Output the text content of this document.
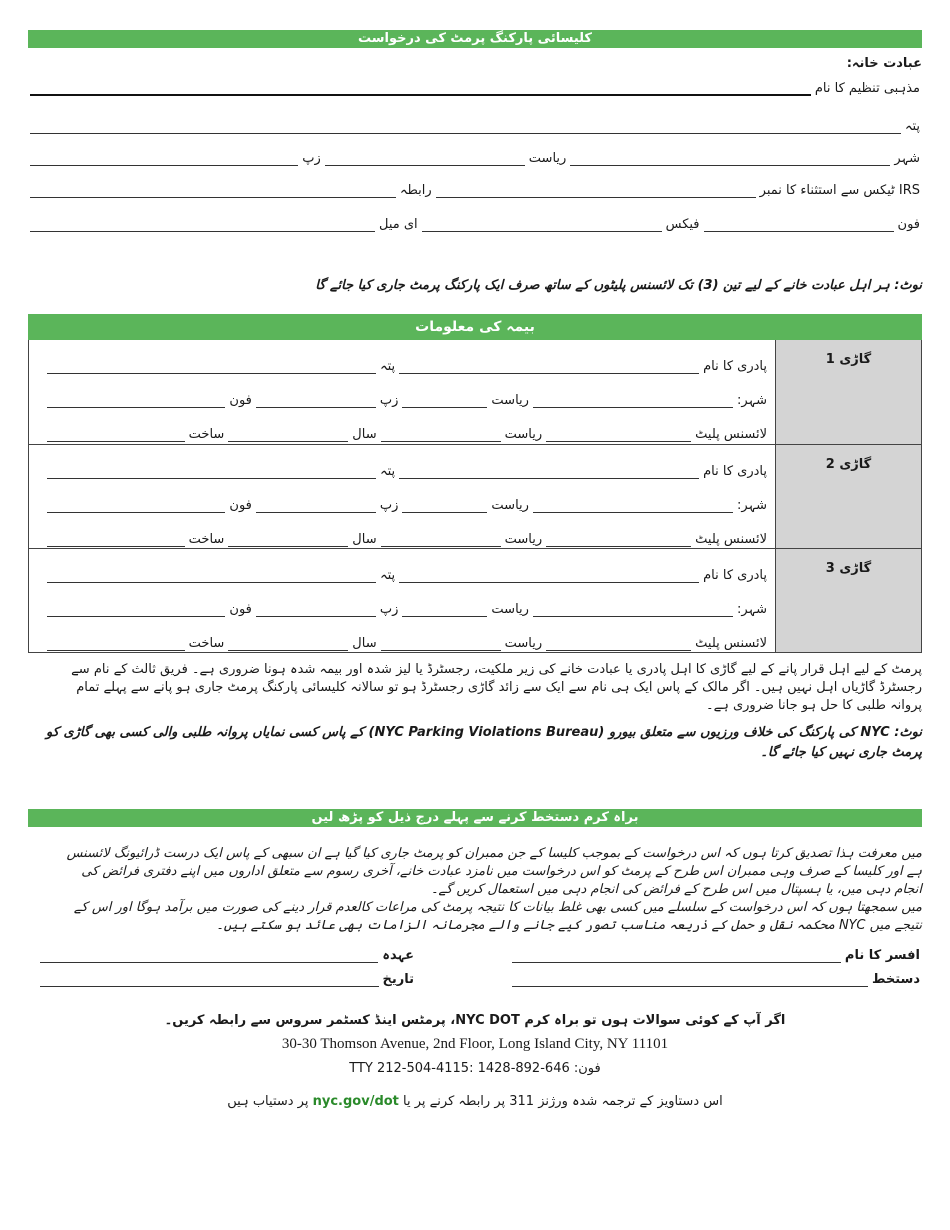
کلیسائی پارکنگ پرمٹ کی درخواست
عبادت خانہ:
مذہبی تنظیم کا نام
پتہ
شہر
ریاست
زپ
IRS ٹیکس سے استثناء کا نمبر
رابطہ
فون
فیکس
ای میل
نوٹ: ہر اہل عبادت خانے کے لیے تین (3) تک لائسنس پلیٹوں کے ساتھ صرف ایک پارکنگ پرمٹ جاری کیا جائے گا
بیمہ کی معلومات
گاڑی 1
پادری کا نام
پتہ
شہر:
ریاست
زپ
فون
لائسنس پلیٹ
ریاست
سال
ساخت
گاڑی 2
پادری کا نام
پتہ
شہر:
ریاست
زپ
فون
لائسنس پلیٹ
ریاست
سال
ساخت
گاڑی 3
پادری کا نام
پتہ
شہر:
ریاست
زپ
فون
لائسنس پلیٹ
ریاست
سال
ساخت
پرمٹ کے لیے اہل قرار پانے کے لیے گاڑی کا اہل پادری یا عبادت خانے کی زیر ملکیت، رجسٹرڈ یا لیز شدہ اور بیمہ شدہ ہونا ضروری ہے۔ فریق ثالث کے نام سے رجسٹرڈ گاڑیاں اہل نہیں ہیں۔ اگر مالک کے پاس ایک ہی نام سے ایک سے زائد گاڑی رجسٹرڈ ہو تو سالانہ کلیسائی پارکنگ پرمٹ جاری ہو پانے سے پہلے تمام پروانہ طلبی کا حل ہو جانا ضروری ہے۔
نوٹ: NYC کی پارکنگ کی خلاف ورزیوں سے متعلق بیورو (NYC Parking Violations Bureau) کے پاس کسی نمایاں پروانہ طلبی والی کسی بھی گاڑی کو پرمٹ جاری نہیں کیا جائے گا۔
براہ کرم دستخط کرنے سے پہلے درج ذیل کو پڑھ لیں
میں معرفت ہذا تصدیق کرتا ہوں کہ اس درخواست کے بموجب کلیسا کے جن ممبران کو پرمٹ جاری کیا گیا ہے ان سبھی کے پاس ایک درست ڈرائیونگ لائسنس ہے اور کلیسا کے صرف وہی ممبران اس طرح کے پرمٹ کو اس درخواست میں نامزد عبادت خانے، آخری رسوم سے متعلق اداروں میں اپنے دفتری فرائض کی انجام دہی میں، یا ہسپتال میں اس طرح کے فرائض کی انجام دہی میں استعمال کریں گے۔
میں سمجھتا ہوں کہ اس درخواست کے سلسلے میں کسی بھی غلط بیانات کا نتیجہ پرمٹ کی مراعات کالعدم قرار دینے کی صورت میں برآمد ہوگا اور اس کے نتیجے میں NYC محکمہ نقل و حمل کے ذریعہ مناسب تصور کیے جانے والے مجرمانہ الزامات بھی عائد ہو سکتے ہیں۔
افسر کا نام
عہدہ
دستخط
تاریخ
اگر آپ کے کوئی سوالات ہوں تو براہ کرم NYC DOT، پرمٹس اینڈ کسٹمر سروس سے رابطہ کریں۔
30-30 Thomson Avenue, 2nd Floor, Long Island City, NY 11101
فون: 646-892-1428 :TTY 212-504-4115
اس دستاویز کے ترجمہ شدہ ورژنز 311 پر رابطہ کرنے پر یا nyc.gov/dot پر دستیاب ہیں
